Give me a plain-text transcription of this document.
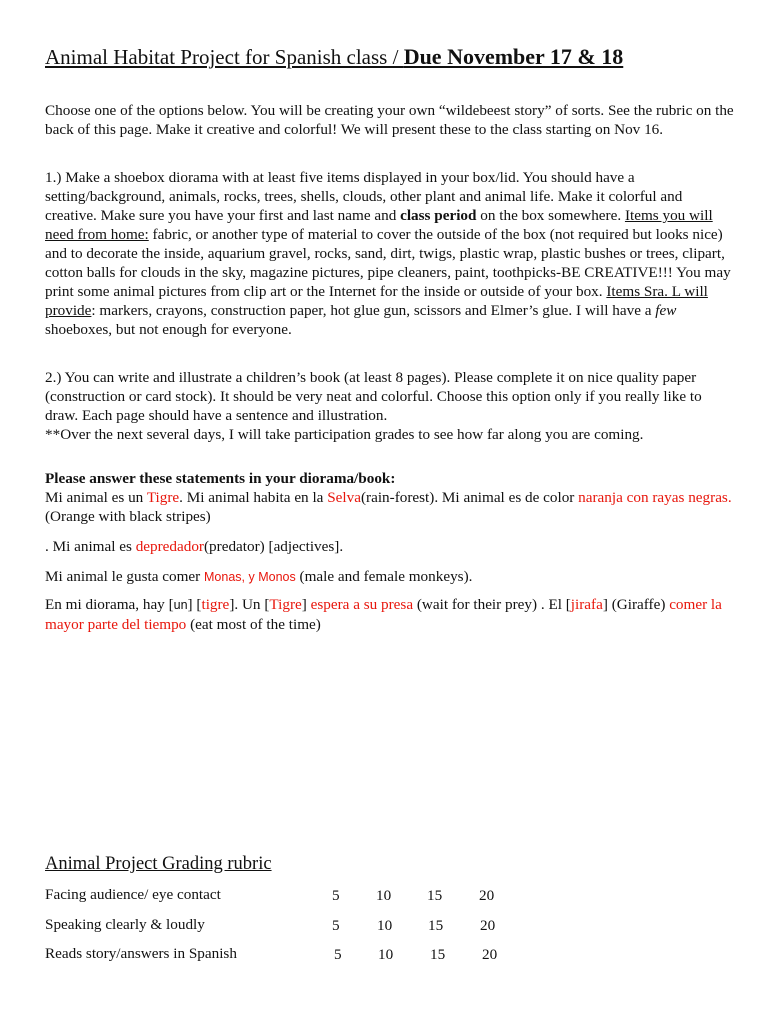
Animal Habitat Project for Spanish class / Due November 17 & 18

Choose one of the options below. You will be creating your own “wildebeest story” of sorts. See the rubric on the back of this page. Make it creative and colorful! We will present these to the class starting on Nov 16.

1.) Make a shoebox diorama with at least five items displayed in your box/lid. You should have a setting/background, animals, rocks, trees, shells, clouds, other plant and animal life. Make it colorful and creative. Make sure you have your first and last name and class period on the box somewhere. Items you will need from home: fabric, or another type of material to cover the outside of the box (not required but looks nice) and to decorate the inside, aquarium gravel, rocks, sand, dirt, twigs, plastic wrap, plastic bushes or trees, clipart, cotton balls for clouds in the sky, magazine pictures, pipe cleaners, paint, toothpicks-BE CREATIVE!!! You may print some animal pictures from clip art or the Internet for the inside or outside of your box. Items Sra. L will provide: markers, crayons, construction paper, hot glue gun, scissors and Elmer’s glue. I will have a few shoeboxes, but not enough for everyone.

2.) You can write and illustrate a children’s book (at least 8 pages). Please complete it on nice quality paper (construction or card stock). It should be very neat and colorful. Choose this option only if you really like to draw. Each page should have a sentence and illustration.
**Over the next several days, I will take participation grades to see how far along you are coming.

Please answer these statements in your diorama/book:

Mi animal es un Tigre. Mi animal habita en la Selva(rain-forest). Mi animal es de color naranja con rayas negras. (Orange with black stripes)

. Mi animal es depredador(predator) [adjectives].

Mi animal le gusta comer Monas, y Monos (male and female monkeys).

En mi diorama, hay [un] [tigre]. Un [Tigre] espera a su presa (wait for their prey) . El [jirafa] (Giraffe) comer la mayor parte del tiempo (eat most of the time)

Animal Project Grading rubric
Facing audience/ eye contact	5 10 15 20
Speaking clearly & loudly	5 10 15 20
Reads story/answers in Spanish	5 10 15 20
